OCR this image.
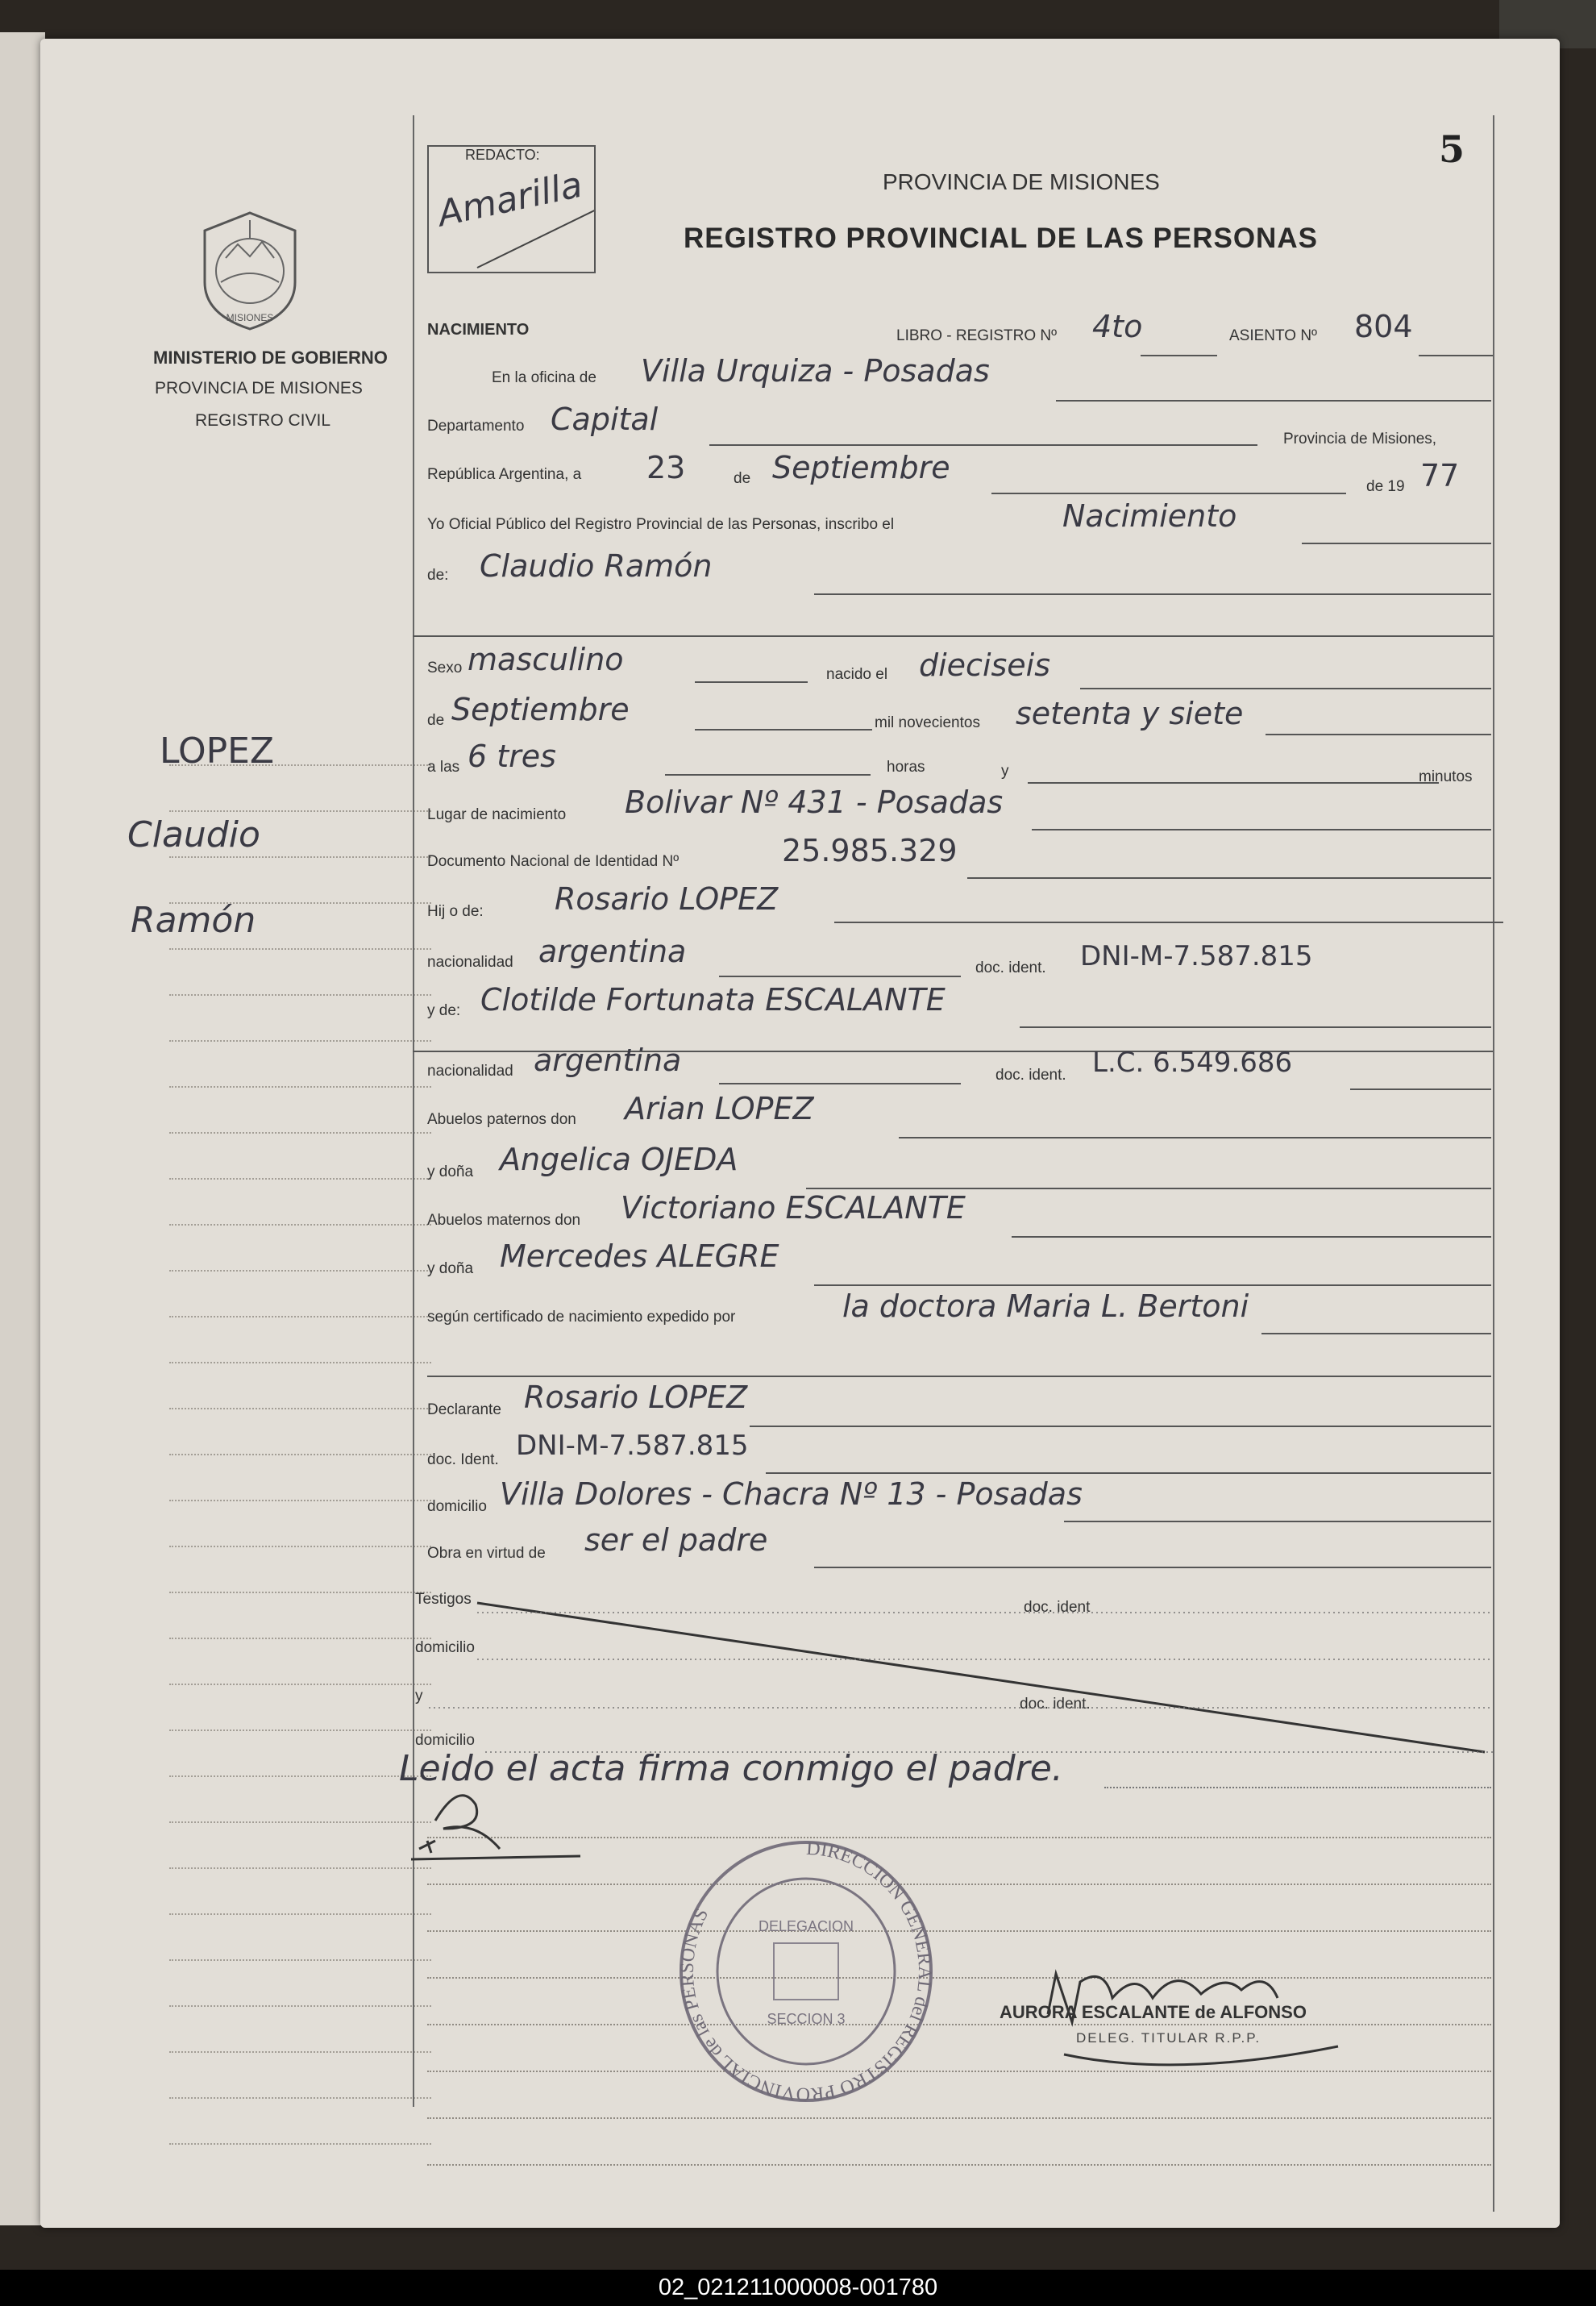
REDACTO:
Amarilla
5
PROVINCIA DE MISIONES
REGISTRO PROVINCIAL DE LAS PERSONAS
MISIONES
MINISTERIO DE GOBIERNO
PROVINCIA DE MISIONES
REGISTRO CIVIL
LOPEZ
Claudio
Ramón
NACIMIENTO	LIBRO - REGISTRO Nº 4to	ASIENTO Nº 804
En la oficina de Villa Urquiza - Posadas
Departamento Capital
Provincia de Misiones,
República Argentina, a 23	de Septiembre
de 19 77
Yo Oficial Público del Registro Provincial de las Personas, inscribo el	Nacimiento
de: Claudio Ramón
Sexo masculino	nacido el dieciseis
de Septiembre	mil novecientos setenta y siete
a las 6 tres	horas	y	minutos
Lugar de nacimiento Bolivar Nº 431 - Posadas
Documento Nacional de Identidad Nº	25.985.329
Hij o de: Rosario LOPEZ
nacionalidad argentina	doc. ident. DNI-M-7.587.815
y de: Clotilde Fortunata ESCALANTE
nacionalidad argentina	doc. ident. L.C. 6.549.686
Abuelos paternos don Arian LOPEZ
y doña Angelica OJEDA
Abuelos maternos don Victoriano ESCALANTE
y doña Mercedes ALEGRE
según certificado de nacimiento expedido por	la doctora Maria L. Bertoni
Declarante Rosario LOPEZ
doc. Ident. DNI-M-7.587.815
domicilio Villa Dolores - Chacra Nº 13 - Posadas
Obra en virtud de ser el padre
Testigos	doc. ident
domicilio
y	doc. ident.
domicilio
Leido el acta firma conmigo el padre.
DIRECCION GENERAL del REGISTRO PROVINCIAL de las PERSONAS
DELEGACION
SECCION 3	AURORA ESCALANTE de ALFONSO
DELEG. TITULAR R.P.P.
02_021211000008-001780
